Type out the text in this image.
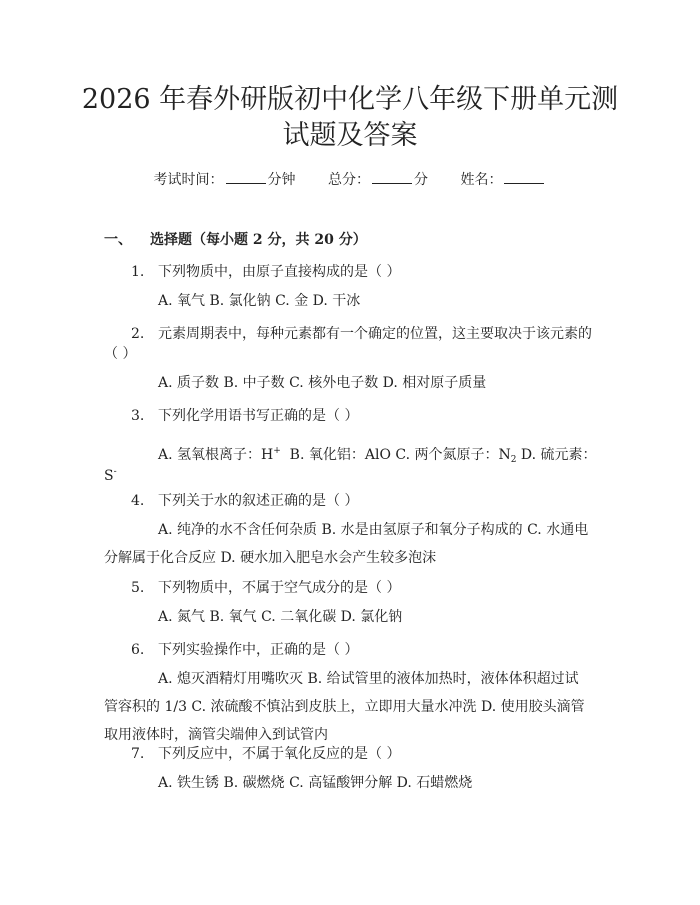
2026 年春外研版初中化学八年级下册单元测
试题及答案
考试时间：	分钟 总分：	分 姓名：
一、 选择题（每小题 2 分，共 20 分）
1. 下列物质中，由原子直接构成的是（ ）
A. 氧气 B. 氯化钠 C. 金 D. 干冰
2. 元素周期表中，每种元素都有一个确定的位置，这主要取决于该元素的
（ ）
A. 质子数 B. 中子数 C. 核外电子数 D. 相对原子质量
3. 下列化学用语书写正确的是（ ）
A. 氢氧根离子：H+  B. 氧化铝：AlO C. 两个氮原子：$N_2$ D. 硫元素：
S-
4. 下列关于水的叙述正确的是（ ）
A. 纯净的水不含任何杂质 B. 水是由氢原子和氧分子构成的 C. 水通电分解属于化合反应 D. 硬水加入肥皂水会产生较多泡沫
5. 下列物质中，不属于空气成分的是（ ）
A. 氮气 B. 氧气 C. 二氧化碳 D. 氯化钠
6. 下列实验操作中，正确的是（ ）
A. 熄灭酒精灯用嘴吹灭 B. 给试管里的液体加热时，液体体积超过试管容积的 1/3 C. 浓硫酸不慎沾到皮肤上，立即用大量水冲洗 D. 使用胶头滴管取用液体时，滴管尖端伸入到试管内
7. 下列反应中，不属于氧化反应的是（ ）
A. 铁生锈 B. 碳燃烧 C. 高锰酸钾分解 D. 石蜡燃烧
